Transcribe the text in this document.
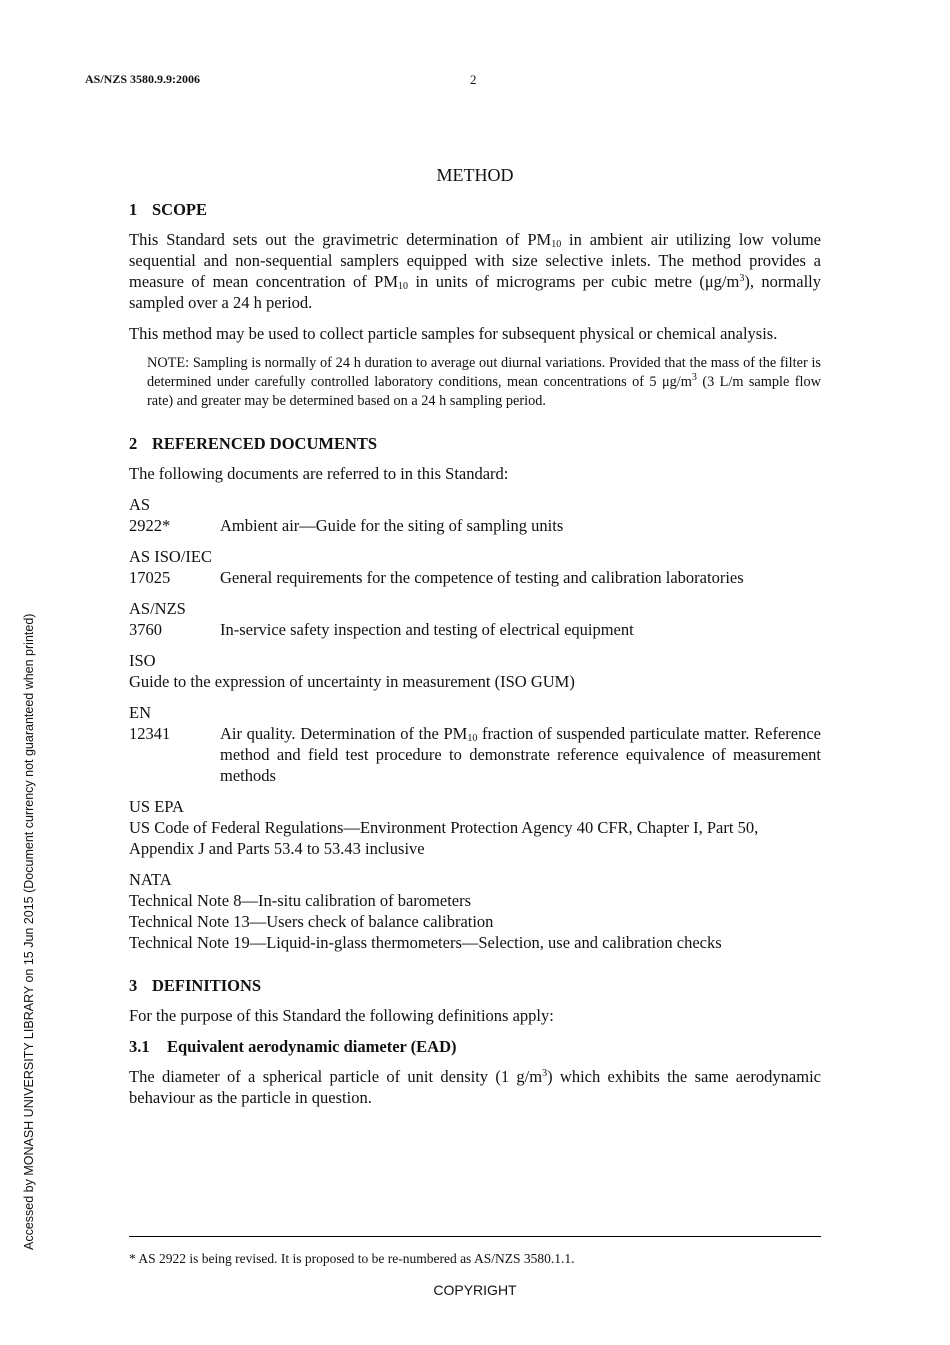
AS/NZS 3580.9.9:2006	2
Accessed by MONASH UNIVERSITY LIBRARY on 15 Jun 2015 (Document currency not guaranteed when printed)
METHOD
1 SCOPE

This Standard sets out the gravimetric determination of $PM_{10}$ in ambient air utilizing low volume sequential and non-sequential samplers equipped with size selective inlets. The method provides a measure of mean concentration of $PM_{10}$ in units of micrograms per cubic metre $(\mu g/m^3)$, normally sampled over a 24 h period.

This method may be used to collect particle samples for subsequent physical or chemical analysis.

NOTE: Sampling is normally of 24 h duration to average out diurnal variations. Provided that the mass of the filter is determined under carefully controlled laboratory conditions, mean concentrations of 5 $\mu g/m^3$ (3 L/m sample flow rate) and greater may be determined based on a 24 h sampling period.
2 REFERENCED DOCUMENTS

The following documents are referred to in this Standard:

AS
2922*	Ambient air—Guide for the siting of sampling units
AS ISO/IEC
17025	General requirements for the competence of testing and calibration laboratories
AS/NZS
3760	In-service safety inspection and testing of electrical equipment
ISO
Guide to the expression of uncertainty in measurement (ISO GUM)
EN
12341	Air quality. Determination of the $PM_{10}$ fraction of suspended particulate matter. Reference method and field test procedure to demonstrate reference equivalence of measurement methods
US EPA
US Code of Federal Regulations—Environment Protection Agency 40 CFR, Chapter I, Part 50, Appendix J and Parts 53.4 to 53.43 inclusive
NATA
Technical Note 8—In-situ calibration of barometers
Technical Note 13—Users check of balance calibration
Technical Note 19—Liquid-in-glass thermometers—Selection, use and calibration checks
3 DEFINITIONS

For the purpose of this Standard the following definitions apply:

3.1 Equivalent aerodynamic diameter (EAD)

The diameter of a spherical particle of unit density (1 $g/m^3$) which exhibits the same aerodynamic behaviour as the particle in question.

* AS 2922 is being revised. It is proposed to be re-numbered as AS/NZS 3580.1.1.
COPYRIGHT
